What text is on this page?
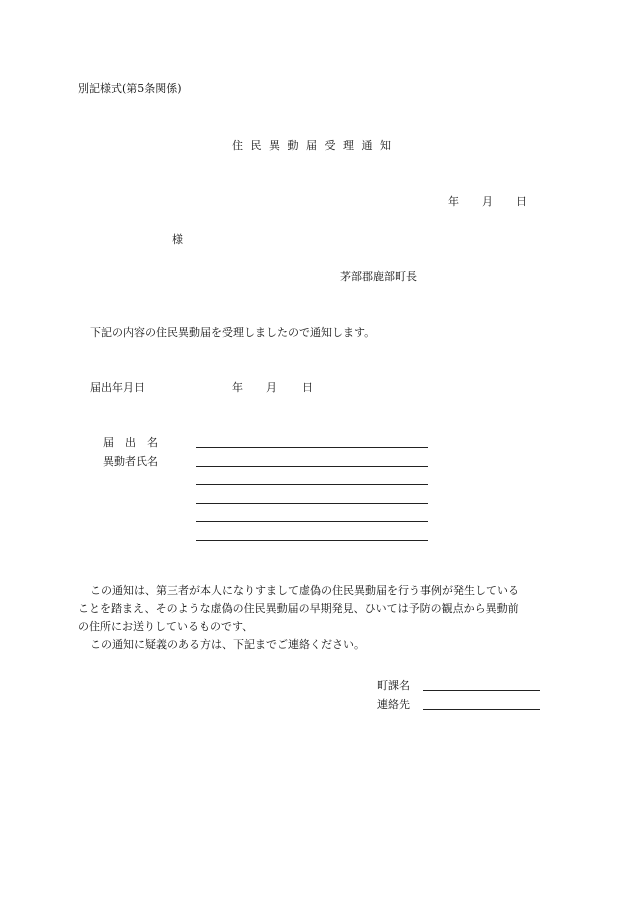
別記様式(第5条関係)
住 民 異 動 届 受 理 通 知
年 月 日
様
茅部郡鹿部町長
下記の内容の住民異動届を受理しましたので通知します。
届出年月日	年 月 日
届　出　名
異動者氏名

この通知は、第三者が本人になりすまして虚偽の住民異動届を行う事例が発生している

ことを踏まえ、そのような虚偽の住民異動届の早期発見、ひいては予防の観点から異動前

の住所にお送りしているものです、

この通知に疑義のある方は、下記までご連絡ください。

町課名
連絡先
